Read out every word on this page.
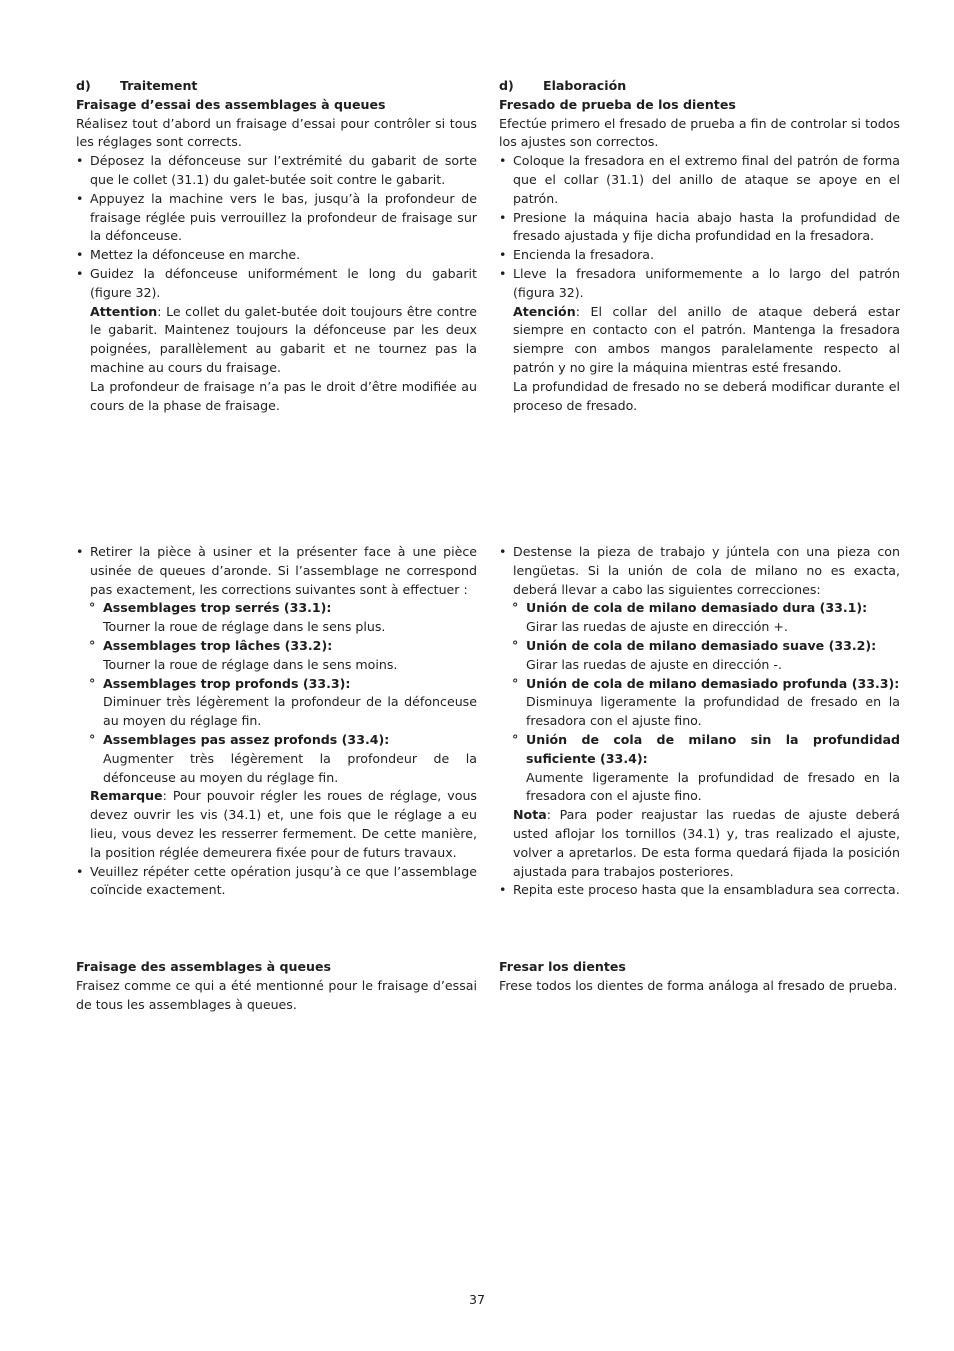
d)	Traitement
Fraisage d’essai des assemblages à queues
Réalisez tout d’abord un fraisage d’essai pour contrôler si tous les réglages sont corrects.
• Déposez la défonceuse sur l’extrémité du gabarit de sorte que le collet (31.1) du galet-butée soit contre le gabarit.
• Appuyez la machine vers le bas, jusqu’à la profondeur de fraisage réglée puis verrouillez la profondeur de fraisage sur la défonceuse.
• Mettez la défonceuse en marche.
• Guidez la défonceuse uniformément le long du gabarit (figure 32).
Attention: Le collet du galet-butée doit toujours être contre le gabarit. Maintenez toujours la défonceuse par les deux poignées, parallèlement au gabarit et ne tournez pas la machine au cours du fraisage.
La profondeur de fraisage n’a pas le droit d’être modifiée au cours de la phase de fraisage.
d)	Elaboración
Fresado de prueba de los dientes
Efectúe primero el fresado de prueba a fin de controlar si todos los ajustes son correctos.
• Coloque la fresadora en el extremo final del patrón de forma que el collar (31.1) del anillo de ataque se apoye en el patrón.
• Presione la máquina hacia abajo hasta la profundidad de fresado ajustada y fije dicha profundidad en la fresadora.
• Encienda la fresadora.
• Lleve la fresadora uniformemente a lo largo del patrón (figura 32).
Atención: El collar del anillo de ataque deberá estar siempre en contacto con el patrón. Mantenga la fresadora siempre con ambos mangos paralelamente respecto al patrón y no gire la máquina mientras esté fresando.
La profundidad de fresado no se deberá modificar durante el proceso de fresado.
• Retirer la pièce à usiner et la présenter face à une pièce usinée de queues d’aronde. Si l’assemblage ne correspond pas exactement, les corrections suivantes sont à effectuer :
° Assemblages trop serrés (33.1):
Tourner la roue de réglage dans le sens plus.
° Assemblages trop lâches (33.2):
Tourner la roue de réglage dans le sens moins.
° Assemblages trop profonds (33.3):
Diminuer très légèrement la profondeur de la défonceuse au moyen du réglage fin.
° Assemblages pas assez profonds (33.4):
Augmenter très légèrement la profondeur de la défonceuse au moyen du réglage fin.
Remarque: Pour pouvoir régler les roues de réglage, vous devez ouvrir les vis (34.1) et, une fois que le réglage a eu lieu, vous devez les resserrer fermement. De cette manière, la position réglée demeurera fixée pour de futurs travaux.
• Veuillez répéter cette opération jusqu’à ce que l’assemblage coïncide exactement.
• Destense la pieza de trabajo y júntela con una pieza con lengüetas. Si la unión de cola de milano no es exacta, deberá llevar a cabo las siguientes correcciones:
° Unión de cola de milano demasiado dura (33.1):
Girar las ruedas de ajuste en dirección +.
° Unión de cola de milano demasiado suave (33.2):
Girar las ruedas de ajuste en dirección -.
° Unión de cola de milano demasiado profunda (33.3):
Disminuya ligeramente la profundidad de fresado en la fresadora con el ajuste fino.
° Unión de cola de milano sin la profundidad suficiente (33.4):
Aumente ligeramente la profundidad de fresado en la fresadora con el ajuste fino.
Nota: Para poder reajustar las ruedas de ajuste deberá usted aflojar los tornillos (34.1) y, tras realizado el ajuste, volver a apretarlos. De esta forma quedará fijada la posición ajustada para trabajos posteriores.
• Repita este proceso hasta que la ensambladura sea correcta.
Fraisage des assemblages à queues
Fraisez comme ce qui a été mentionné pour le fraisage d’essai de tous les assemblages à queues.
Fresar los dientes
Frese todos los dientes de forma análoga al fresado de prueba.
37
